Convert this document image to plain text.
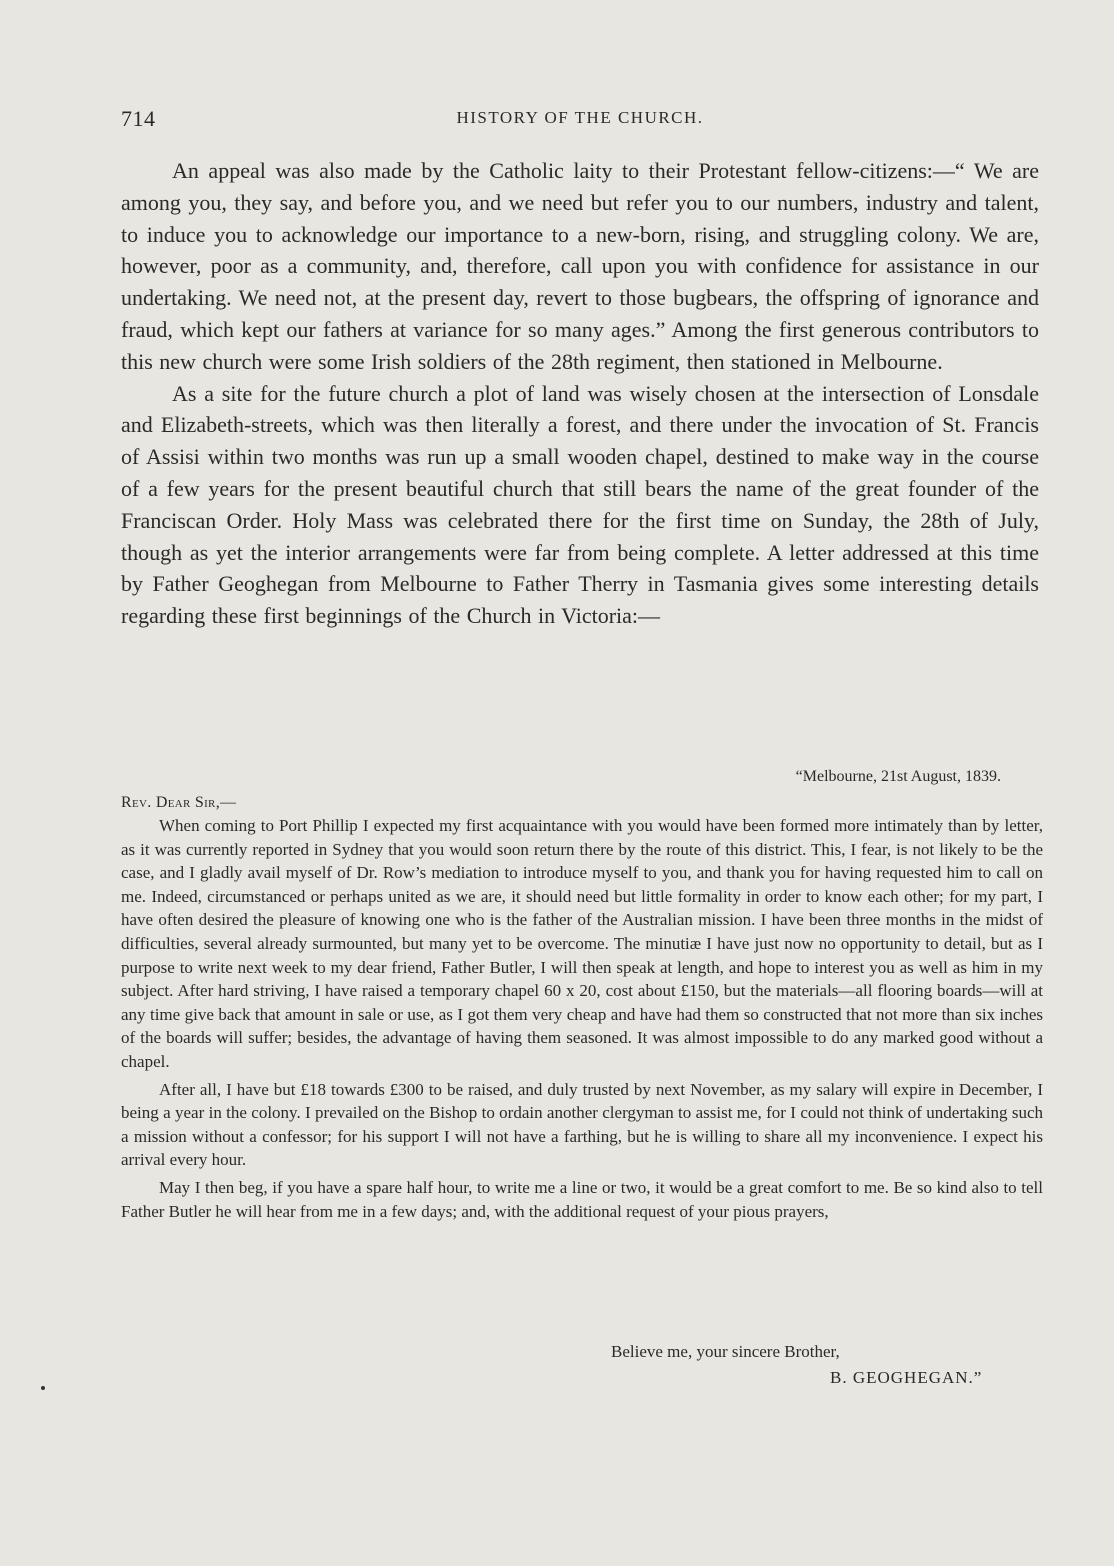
714	HISTORY OF THE CHURCH.

An appeal was also made by the Catholic laity to their Protestant fellow-citizens:—“ We are among you, they say, and before you, and we need but refer you to our numbers, industry and talent, to induce you to acknowledge our importance to a new-born, rising, and struggling colony. We are, however, poor as a community, and, therefore, call upon you with confidence for assistance in our undertaking. We need not, at the present day, revert to those bugbears, the offspring of ignorance and fraud, which kept our fathers at variance for so many ages.” Among the first generous contributors to this new church were some Irish soldiers of the 28th regiment, then stationed in Melbourne.

As a site for the future church a plot of land was wisely chosen at the intersection of Lonsdale and Elizabeth-streets, which was then literally a forest, and there under the invocation of St. Francis of Assisi within two months was run up a small wooden chapel, destined to make way in the course of a few years for the present beautiful church that still bears the name of the great founder of the Franciscan Order. Holy Mass was celebrated there for the first time on Sunday, the 28th of July, though as yet the interior arrangements were far from being complete. A letter addressed at this time by Father Geoghegan from Melbourne to Father Therry in Tasmania gives some interesting details regarding these first beginnings of the Church in Victoria:—

“Melbourne, 21st August, 1839.

Rev. Dear Sir,—

When coming to Port Phillip I expected my first acquaintance with you would have been formed more intimately than by letter, as it was currently reported in Sydney that you would soon return there by the route of this district. This, I fear, is not likely to be the case, and I gladly avail myself of Dr. Row’s mediation to introduce myself to you, and thank you for having requested him to call on me. Indeed, circumstanced or perhaps united as we are, it should need but little formality in order to know each other; for my part, I have often desired the pleasure of knowing one who is the father of the Australian mission. I have been three months in the midst of difficulties, several already surmounted, but many yet to be overcome. The minutiæ I have just now no opportunity to detail, but as I purpose to write next week to my dear friend, Father Butler, I will then speak at length, and hope to interest you as well as him in my subject. After hard striving, I have raised a temporary chapel 60 x 20, cost about £150, but the materials—all flooring boards—will at any time give back that amount in sale or use, as I got them very cheap and have had them so constructed that not more than six inches of the boards will suffer; besides, the advantage of having them seasoned. It was almost impossible to do any marked good without a chapel.

After all, I have but £18 towards £300 to be raised, and duly trusted by next November, as my salary will expire in December, I being a year in the colony. I prevailed on the Bishop to ordain another clergyman to assist me, for I could not think of undertaking such a mission without a confessor; for his support I will not have a farthing, but he is willing to share all my inconvenience. I expect his arrival every hour.

May I then beg, if you have a spare half hour, to write me a line or two, it would be a great comfort to me. Be so kind also to tell Father Butler he will hear from me in a few days; and, with the additional request of your pious prayers,

Believe me, your sincere Brother,
B. GEOGHEGAN.”
